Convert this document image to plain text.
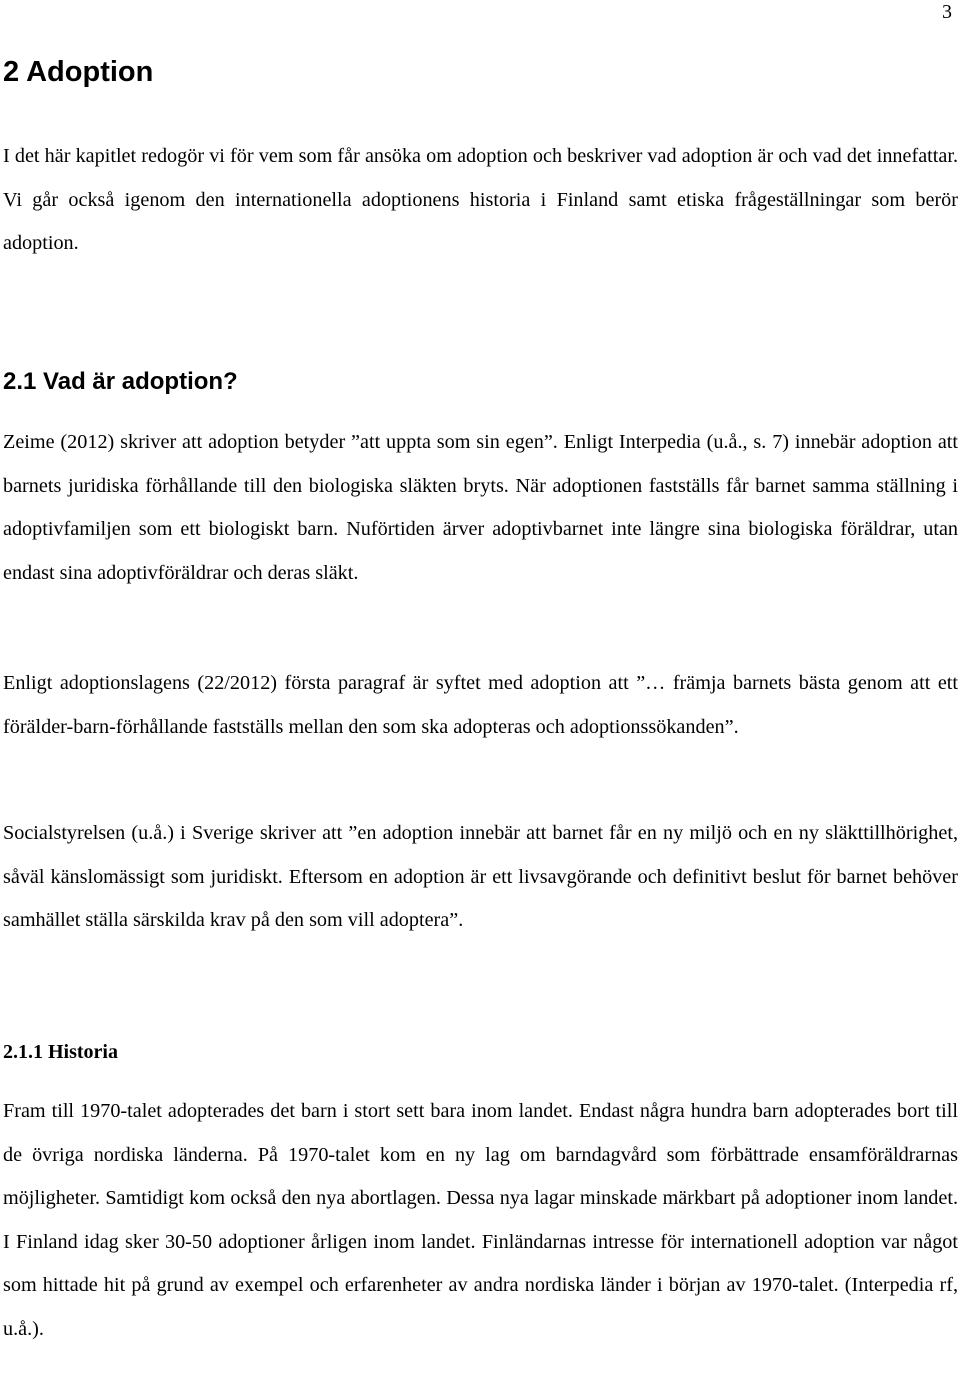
3
2 Adoption

I det här kapitlet redogör vi för vem som får ansöka om adoption och beskriver vad adoption är och vad det innefattar. Vi går också igenom den internationella adoptionens historia i Finland samt etiska frågeställningar som berör adoption.

2.1 Vad är adoption?

Zeime (2012) skriver att adoption betyder ”att uppta som sin egen”. Enligt Interpedia (u.å., s. 7) innebär adoption att barnets juridiska förhållande till den biologiska släkten bryts. När adoptionen fastställs får barnet samma ställning i adoptivfamiljen som ett biologiskt barn. Nuförtiden ärver adoptivbarnet inte längre sina biologiska föräldrar, utan endast sina adoptivföräldrar och deras släkt.

Enligt adoptionslagens (22/2012) första paragraf är syftet med adoption att ”… främja barnets bästa genom att ett förälder-barn-förhållande fastställs mellan den som ska adopteras och adoptionssökanden”.

Socialstyrelsen (u.å.) i Sverige skriver att ”en adoption innebär att barnet får en ny miljö och en ny släkttillhörighet, såväl känslomässigt som juridiskt. Eftersom en adoption är ett livsavgörande och definitivt beslut för barnet behöver samhället ställa särskilda krav på den som vill adoptera”.

2.1.1 Historia

Fram till 1970-talet adopterades det barn i stort sett bara inom landet. Endast några hundra barn adopterades bort till de övriga nordiska länderna. På 1970-talet kom en ny lag om barndagvård som förbättrade ensamföräldrarnas möjligheter. Samtidigt kom också den nya abortlagen. Dessa nya lagar minskade märkbart på adoptioner inom landet. I Finland idag sker 30-50 adoptioner årligen inom landet. Finländarnas intresse för internationell adoption var något som hittade hit på grund av exempel och erfarenheter av andra nordiska länder i början av 1970-talet. (Interpedia rf, u.å.).
